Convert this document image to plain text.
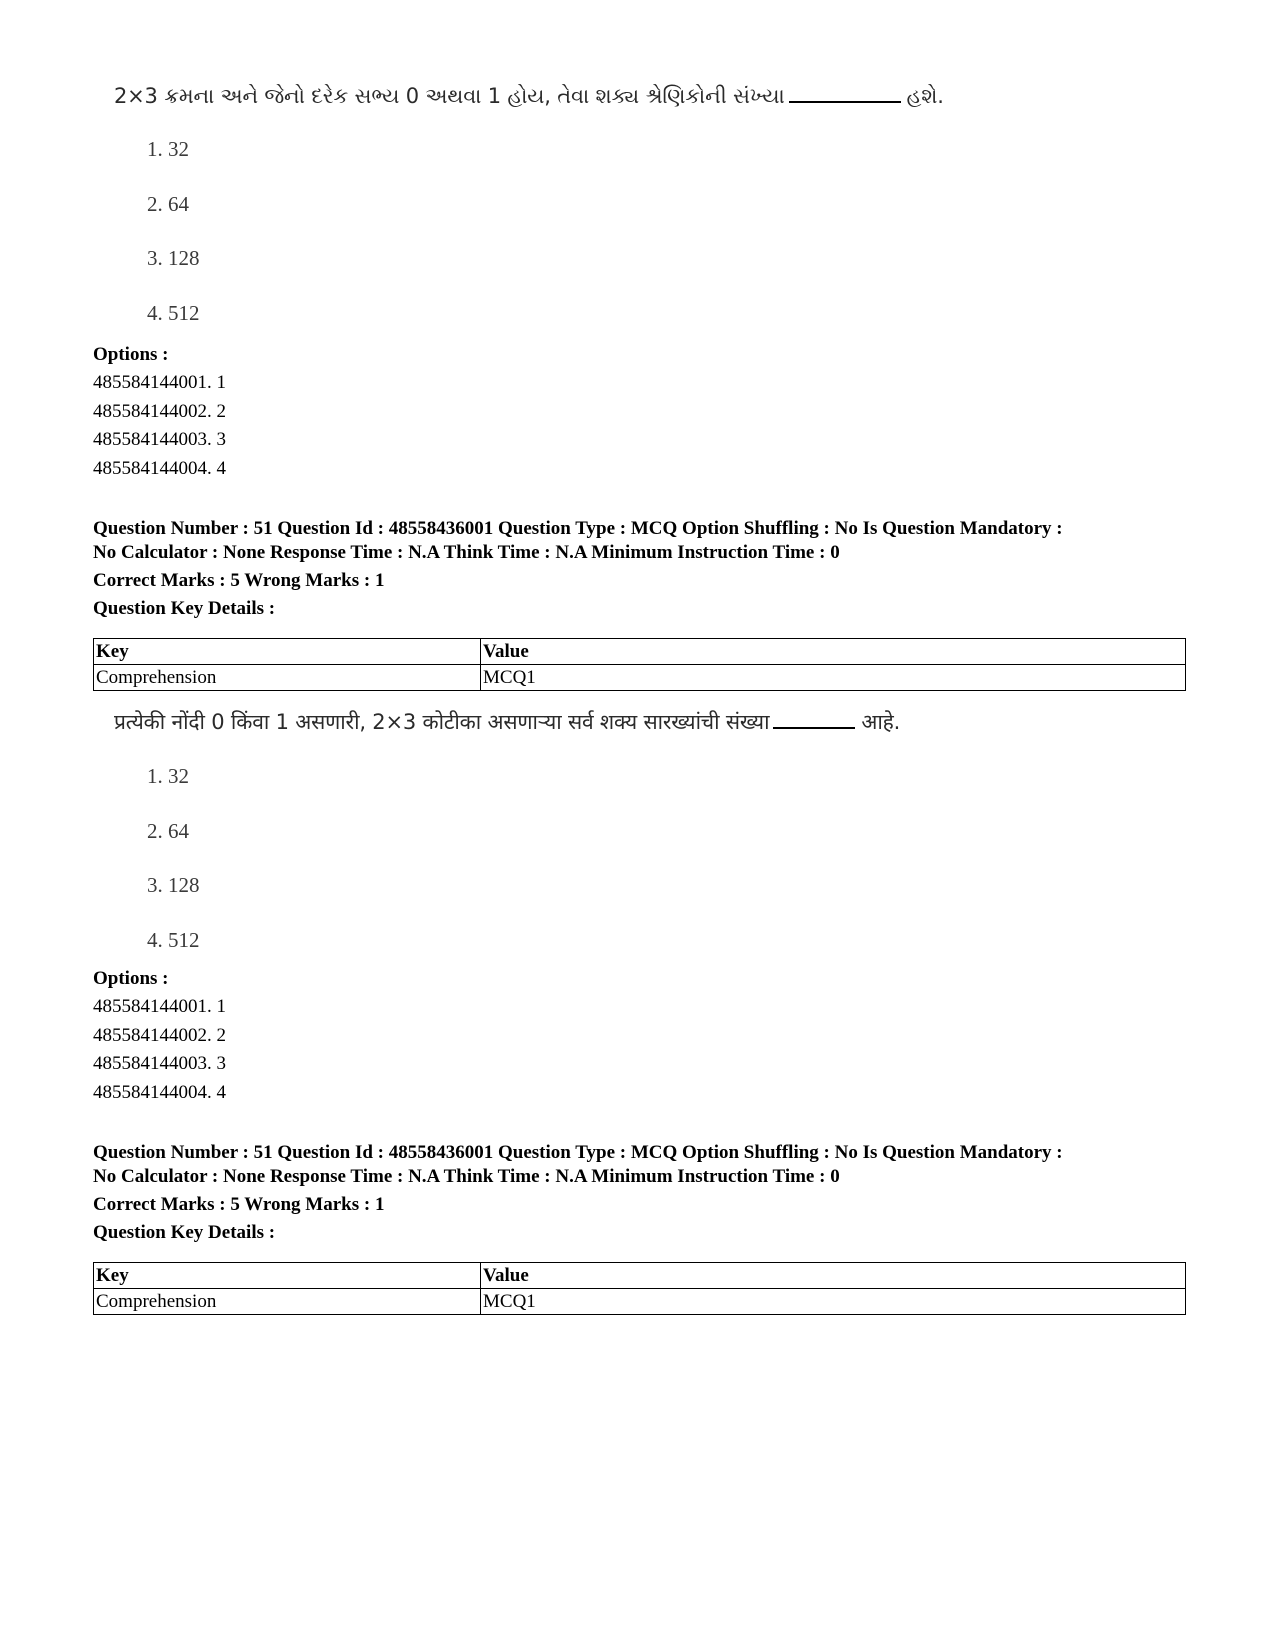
2×3 ક્રમના અને જેનો દરેક સભ્ય 0 અથવા 1 હોય, તેવા શક્ય શ્રેણિકોની સંખ્યા	હશે.
1. 32
2. 64
3. 128
4. 512
Options :
485584144001. 1
485584144002. 2
485584144003. 3
485584144004. 4
Question Number : 51 Question Id : 48558436001 Question Type : MCQ Option Shuffling : No Is Question Mandatory :
No Calculator : None Response Time : N.A Think Time : N.A Minimum Instruction Time : 0
Correct Marks : 5 Wrong Marks : 1
Question Key Details :
Key	Value
Comprehension	MCQ1
प्रत्येकी नोंदी 0 किंवा 1 असणारी, 2×3 कोटीका असणाऱ्या सर्व शक्य सारख्यांची संख्या	आहे.
1. 32
2. 64
3. 128
4. 512
Options :
485584144001. 1
485584144002. 2
485584144003. 3
485584144004. 4
Question Number : 51 Question Id : 48558436001 Question Type : MCQ Option Shuffling : No Is Question Mandatory :
No Calculator : None Response Time : N.A Think Time : N.A Minimum Instruction Time : 0
Correct Marks : 5 Wrong Marks : 1
Question Key Details :
Key	Value
Comprehension	MCQ1
